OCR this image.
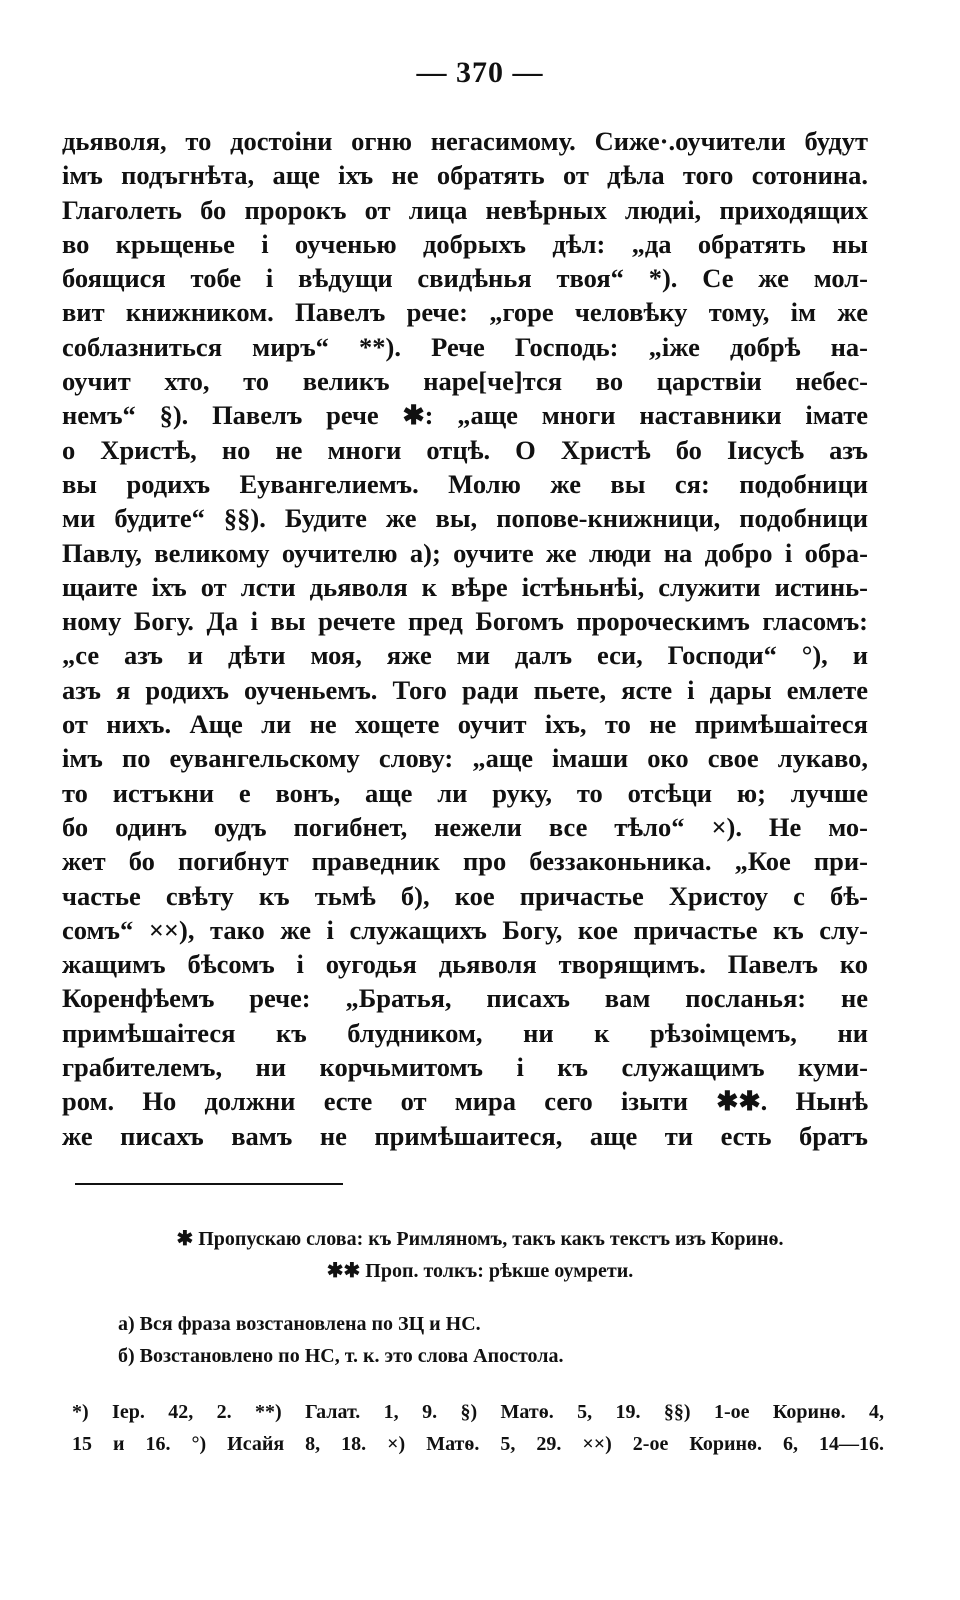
— 370 —
дьяволя, то достоіни огню негасимому. Сиже·.оучители будут
імъ подъгнѣта, аще іхъ не обратять от дѣла того сотонина.
Глаголеть бо пророкъ от лица невѣрных людиі, приходящих
во крьщенье і оученью добрыхъ дѣл: „да обратять ны
боящися тобе і вѣдущи свидѣнья твоя“ *). Се же мол-
вит книжником. Павелъ рече: „горе человѣку тому, ім же
соблазниться миръ“ **). Рече Господь: „іже добрѣ на-
оучит хто, то великъ наре[че]тся во царствіи небес-
немъ“ §). Павелъ рече ✱: „аще многи наставники імате
о Христѣ, но не многи отцѣ. О Христѣ бо Іисусѣ азъ
вы родихъ Еувангелиемъ. Молю же вы ся: подобници
ми будите“ §§). Будите же вы, попове-книжници, подобници
Павлу, великому оучителю а); оучите же люди на добро і обра-
щаите іхъ от лсти дьяволя к вѣре істѣньнѣі, служити истинь-
ному Богу. Да і вы речете пред Богомъ пророческимъ гласомъ:
„се азъ и дѣти моя, яже ми далъ еси, Господи“ °), и
азъ я родихъ оученьемъ. Того ради пьете, ясте і дары емлете
от нихъ. Аще ли не хощете оучит іхъ, то не примѣшаітеся
імъ по еувангельскому слову: „аще імаши око свое лукаво,
то истъкни е вонъ, аще ли руку, то отсѣци ю; лучше
бо одинъ оудъ погибнет, нежели все тѣло“ ×). Не мо-
жет бо погибнут праведник про беззаконьника. „Кое при-
частье свѣту къ тьмѣ б), кое причастье Христоу с бѣ-
сомъ“ ××), тако же і служащихъ Богу, кое причастье къ слу-
жащимъ бѣсомъ і оугодья дьяволя творящимъ. Павелъ ко
Коренфѣемъ рече: „Братья, писахъ вам посланья: не
примѣшаітеся къ блудником, ни к рѣзоімцемъ, ни
грабителемъ, ни корчьмитомъ і къ служащимъ куми-
ром. Но должни есте от мира сего ізыти ✱✱. Нынѣ
же писахъ вамъ не примѣшаитеся, аще ти есть братъ
✱ Пропускаю слова: къ Римляномъ, такъ какъ текстъ изъ Коринѳ.
✱✱ Проп. толкъ: рѣкше оумрети.
а) Вся фраза возстановлена по ЗЦ и НС.
б) Возстановлено по НС, т. к. это слова Апостола.
*) Іер. 42, 2. **) Галат. 1, 9. §) Матѳ. 5, 19. §§) 1-ое Коринѳ. 4,
15 и 16. °) Исайя 8, 18. ×) Матѳ. 5, 29. ××) 2-ое Коринѳ. 6, 14—16.
